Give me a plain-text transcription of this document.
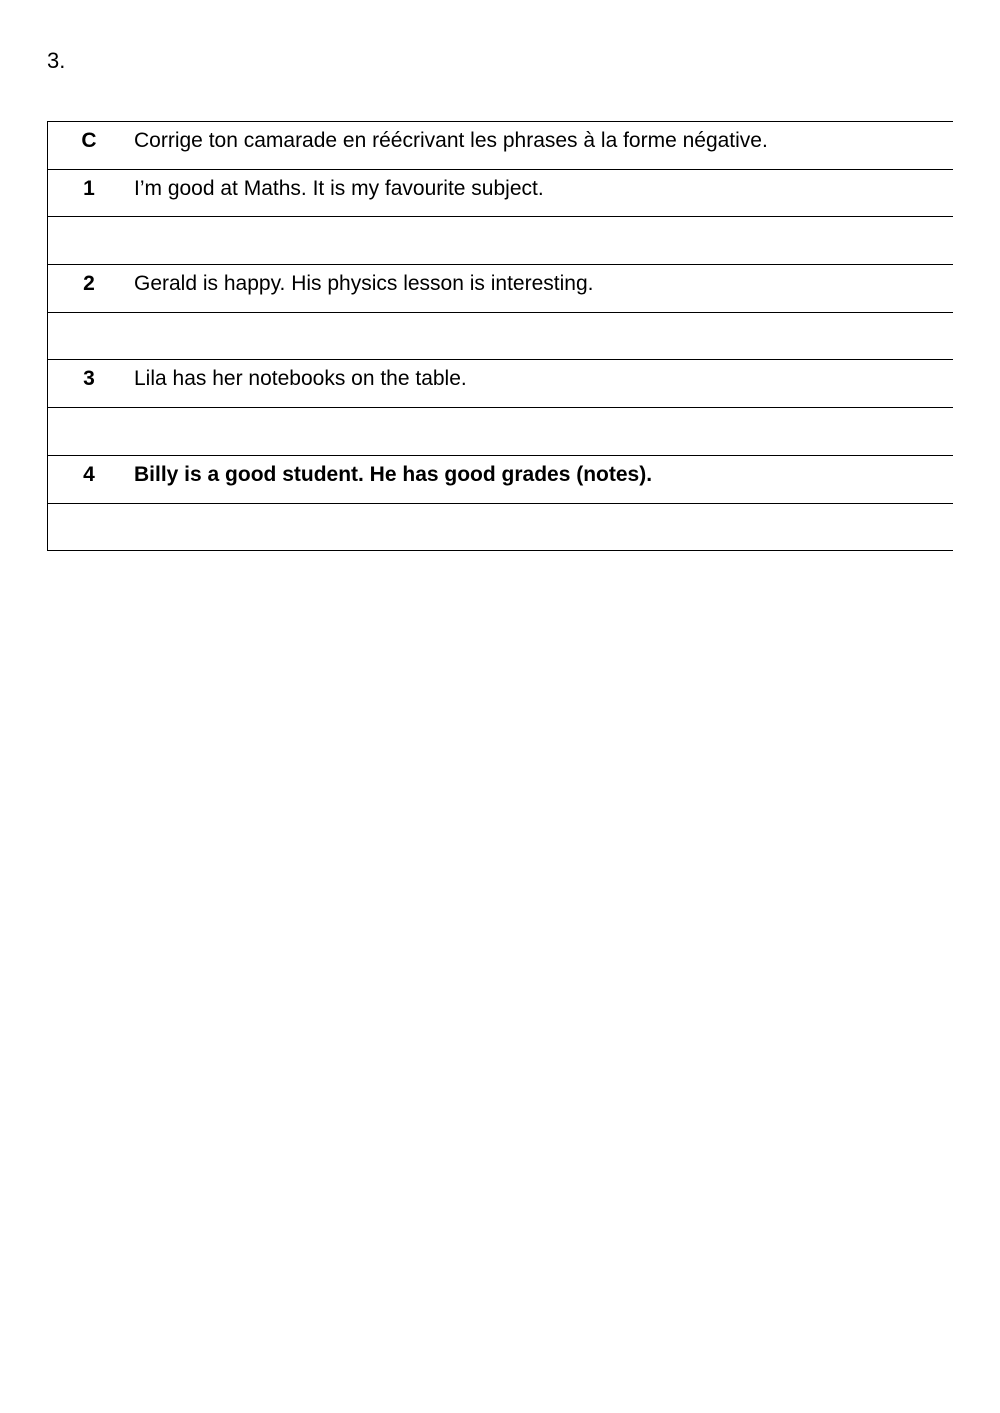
3.
C	Corrige ton camarade en réécrivant les phrases à la forme négative.
1	I’m good at Maths. It is my favourite subject.
2	Gerald is happy. His physics lesson is interesting.
3	Lila has her notebooks on the table.
4	Billy is a good student. He has good grades (notes).
